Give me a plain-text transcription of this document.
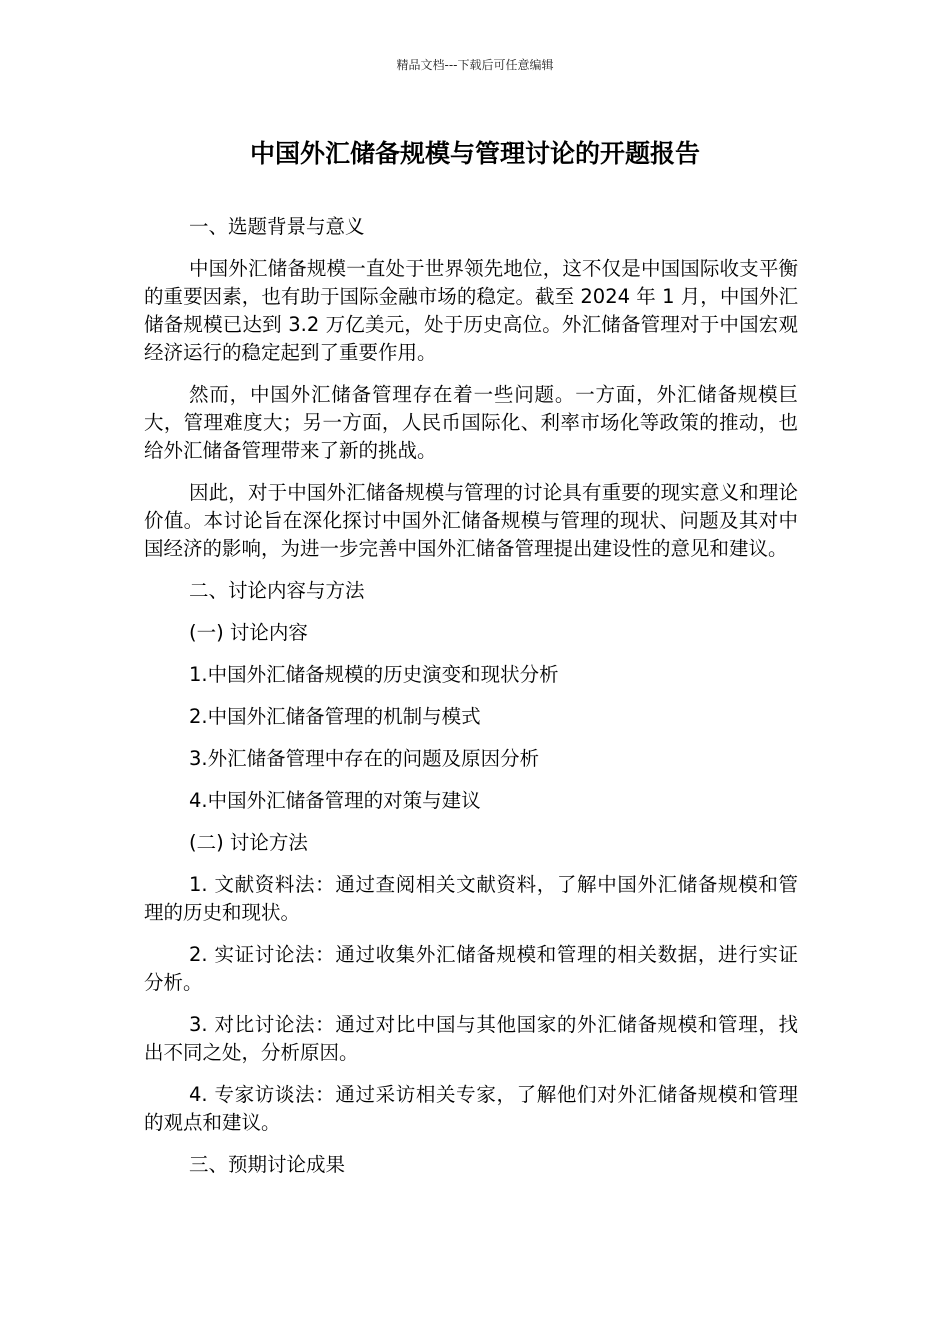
精品文档---下载后可任意编辑
中国外汇储备规模与管理讨论的开题报告
一、选题背景与意义
中国外汇储备规模一直处于世界领先地位，这不仅是中国国际收支平衡的重要因素，也有助于国际金融市场的稳定。截至 2024 年 1 月，中国外汇储备规模已达到 3.2 万亿美元，处于历史高位。外汇储备管理对于中国宏观经济运行的稳定起到了重要作用。
然而，中国外汇储备管理存在着一些问题。一方面，外汇储备规模巨大，管理难度大；另一方面，人民币国际化、利率市场化等政策的推动，也给外汇储备管理带来了新的挑战。
因此，对于中国外汇储备规模与管理的讨论具有重要的现实意义和理论价值。本讨论旨在深化探讨中国外汇储备规模与管理的现状、问题及其对中国经济的影响，为进一步完善中国外汇储备管理提出建设性的意见和建议。
二、讨论内容与方法
(一) 讨论内容
1.中国外汇储备规模的历史演变和现状分析
2.中国外汇储备管理的机制与模式
3.外汇储备管理中存在的问题及原因分析
4.中国外汇储备管理的对策与建议
(二) 讨论方法
1. 文献资料法：通过查阅相关文献资料，了解中国外汇储备规模和管理的历史和现状。
2. 实证讨论法：通过收集外汇储备规模和管理的相关数据，进行实证分析。
3. 对比讨论法：通过对比中国与其他国家的外汇储备规模和管理，找出不同之处，分析原因。
4. 专家访谈法：通过采访相关专家，了解他们对外汇储备规模和管理的观点和建议。
三、预期讨论成果
